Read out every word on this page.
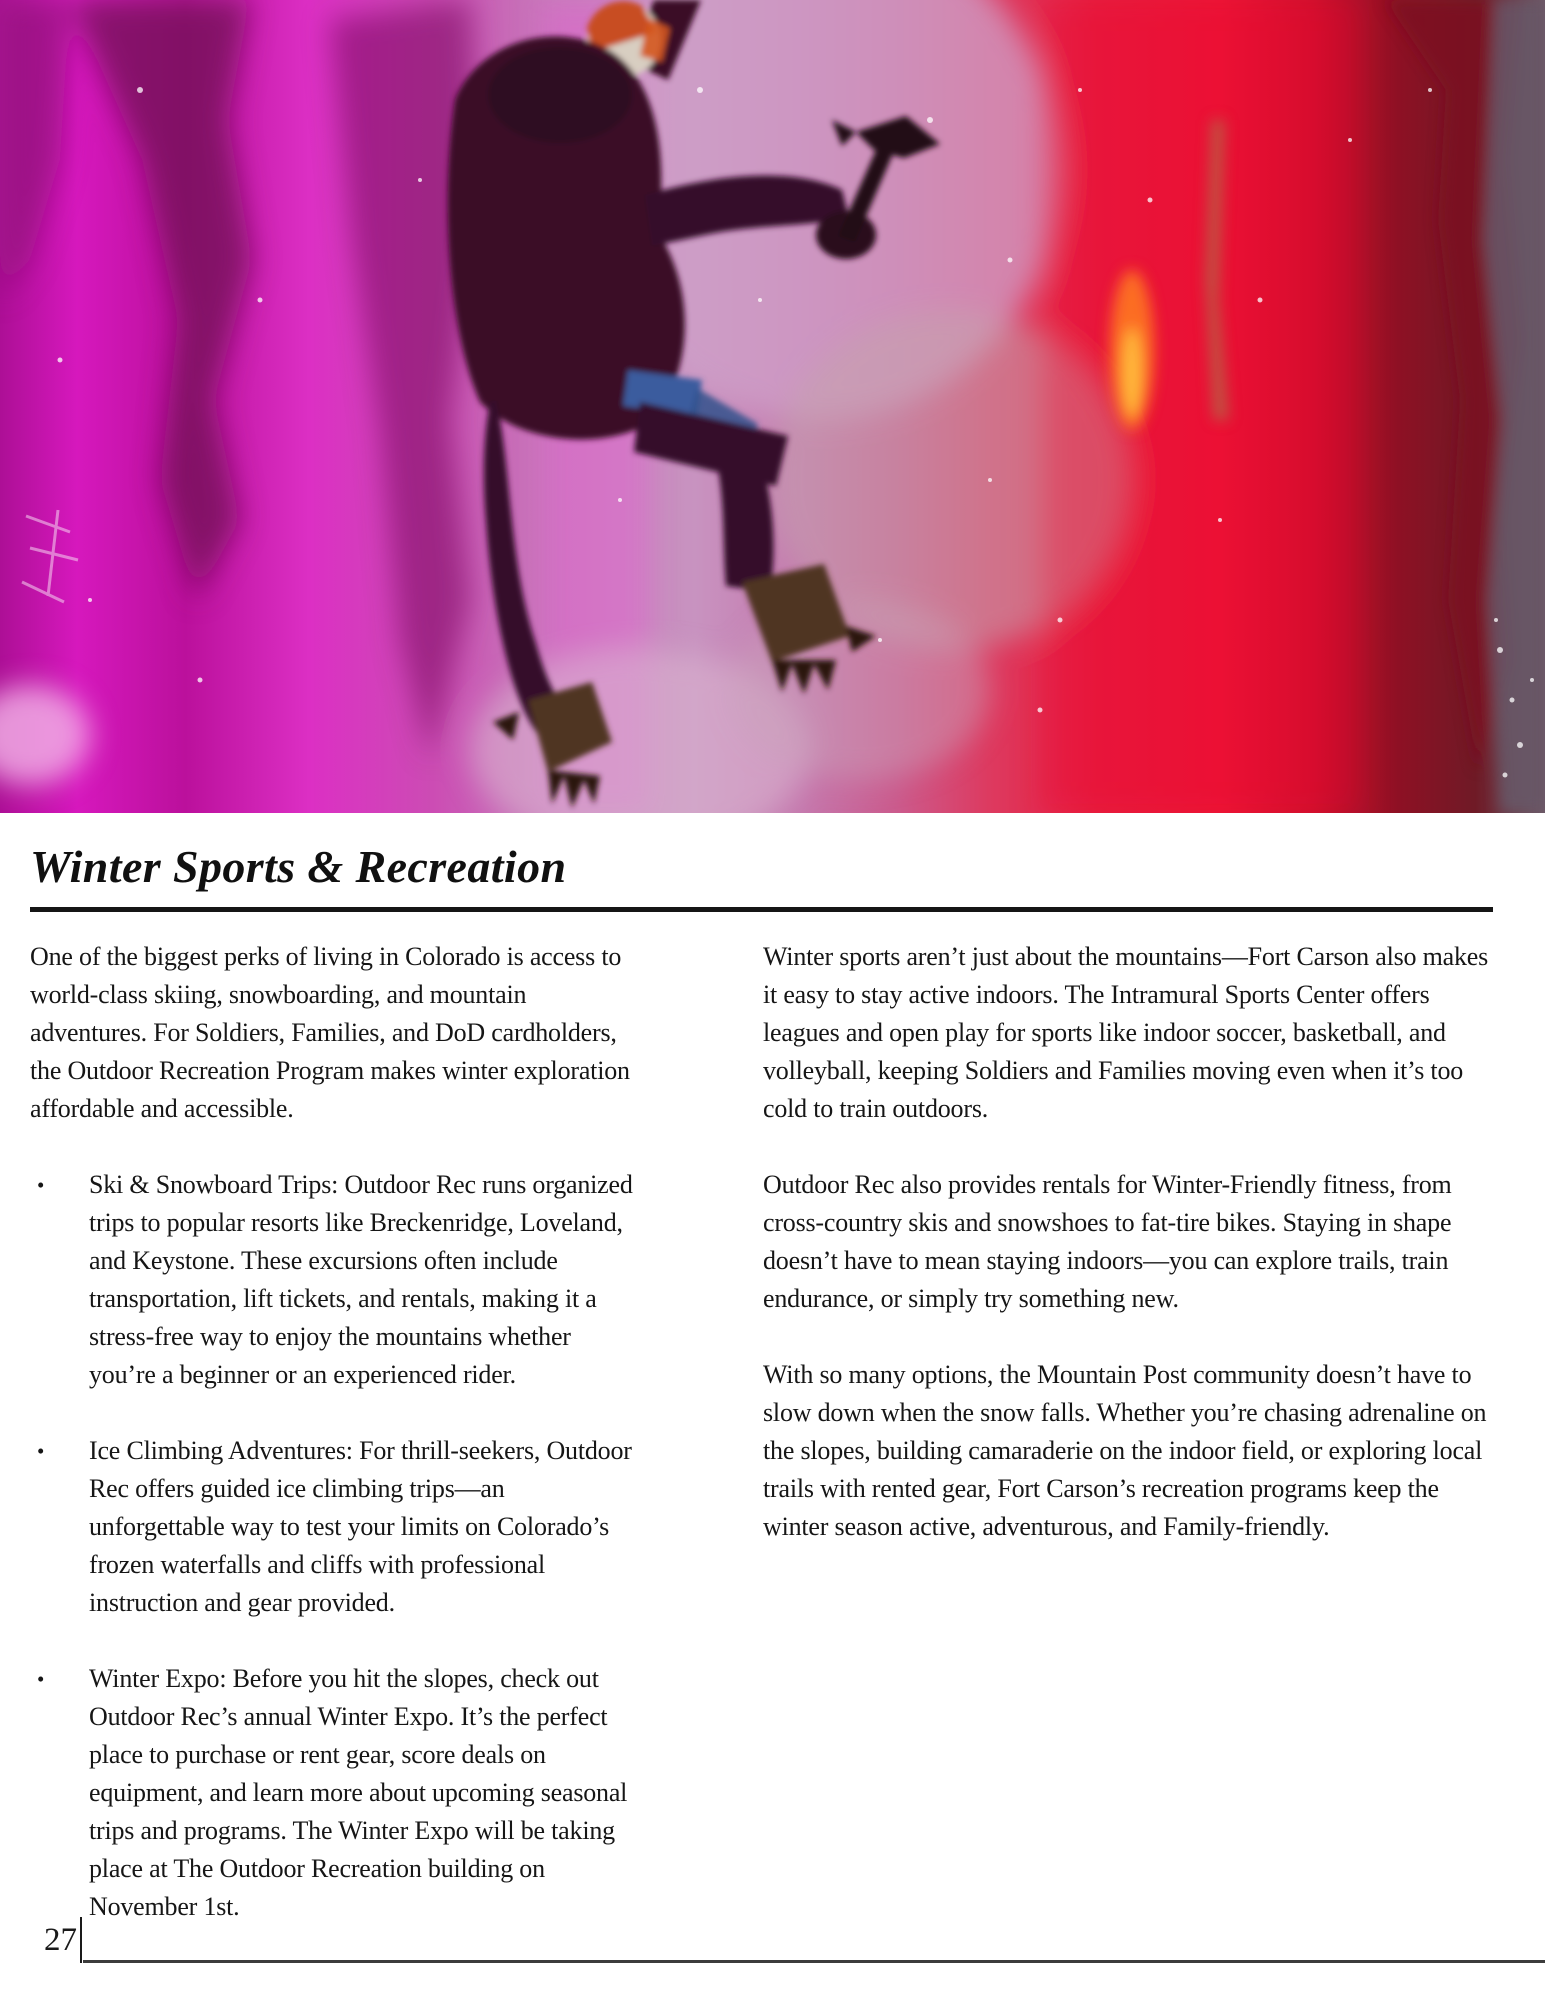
Winter Sports & Recreation

One of the biggest perks of living in Colorado is access to world-class skiing, snowboarding, and mountain adventures. For Soldiers, Families, and DoD cardholders, the Outdoor Recreation Program makes winter exploration affordable and accessible.

•	Ski & Snowboard Trips: Outdoor Rec runs organized trips to popular resorts like Breckenridge, Loveland, and Keystone. These excursions often include transportation, lift tickets, and rentals, making it a stress-free way to enjoy the mountains whether you’re a beginner or an experienced rider.
•	Ice Climbing Adventures: For thrill-seekers, Outdoor Rec offers guided ice climbing trips—an unforgettable way to test your limits on Colorado’s frozen waterfalls and cliffs with professional instruction and gear provided.
•	Winter Expo: Before you hit the slopes, check out Outdoor Rec’s annual Winter Expo. It’s the perfect place to purchase or rent gear, score deals on equipment, and learn more about upcoming seasonal trips and programs. The Winter Expo will be taking place at The Outdoor Recreation building on November 1st.

Winter sports aren’t just about the mountains—Fort Carson also makes it easy to stay active indoors. The Intramural Sports Center offers leagues and open play for sports like indoor soccer, basketball, and volleyball, keeping Soldiers and Families moving even when it’s too cold to train outdoors.

Outdoor Rec also provides rentals for Winter-Friendly fitness, from cross-country skis and snowshoes to fat-tire bikes. Staying in shape doesn’t have to mean staying indoors—you can explore trails, train endurance, or simply try something new.

With so many options, the Mountain Post community doesn’t have to slow down when the snow falls. Whether you’re chasing adrenaline on the slopes, building camaraderie on the indoor field, or exploring local trails with rented gear, Fort Carson’s recreation programs keep the winter season active, adventurous, and Family-friendly.

27
